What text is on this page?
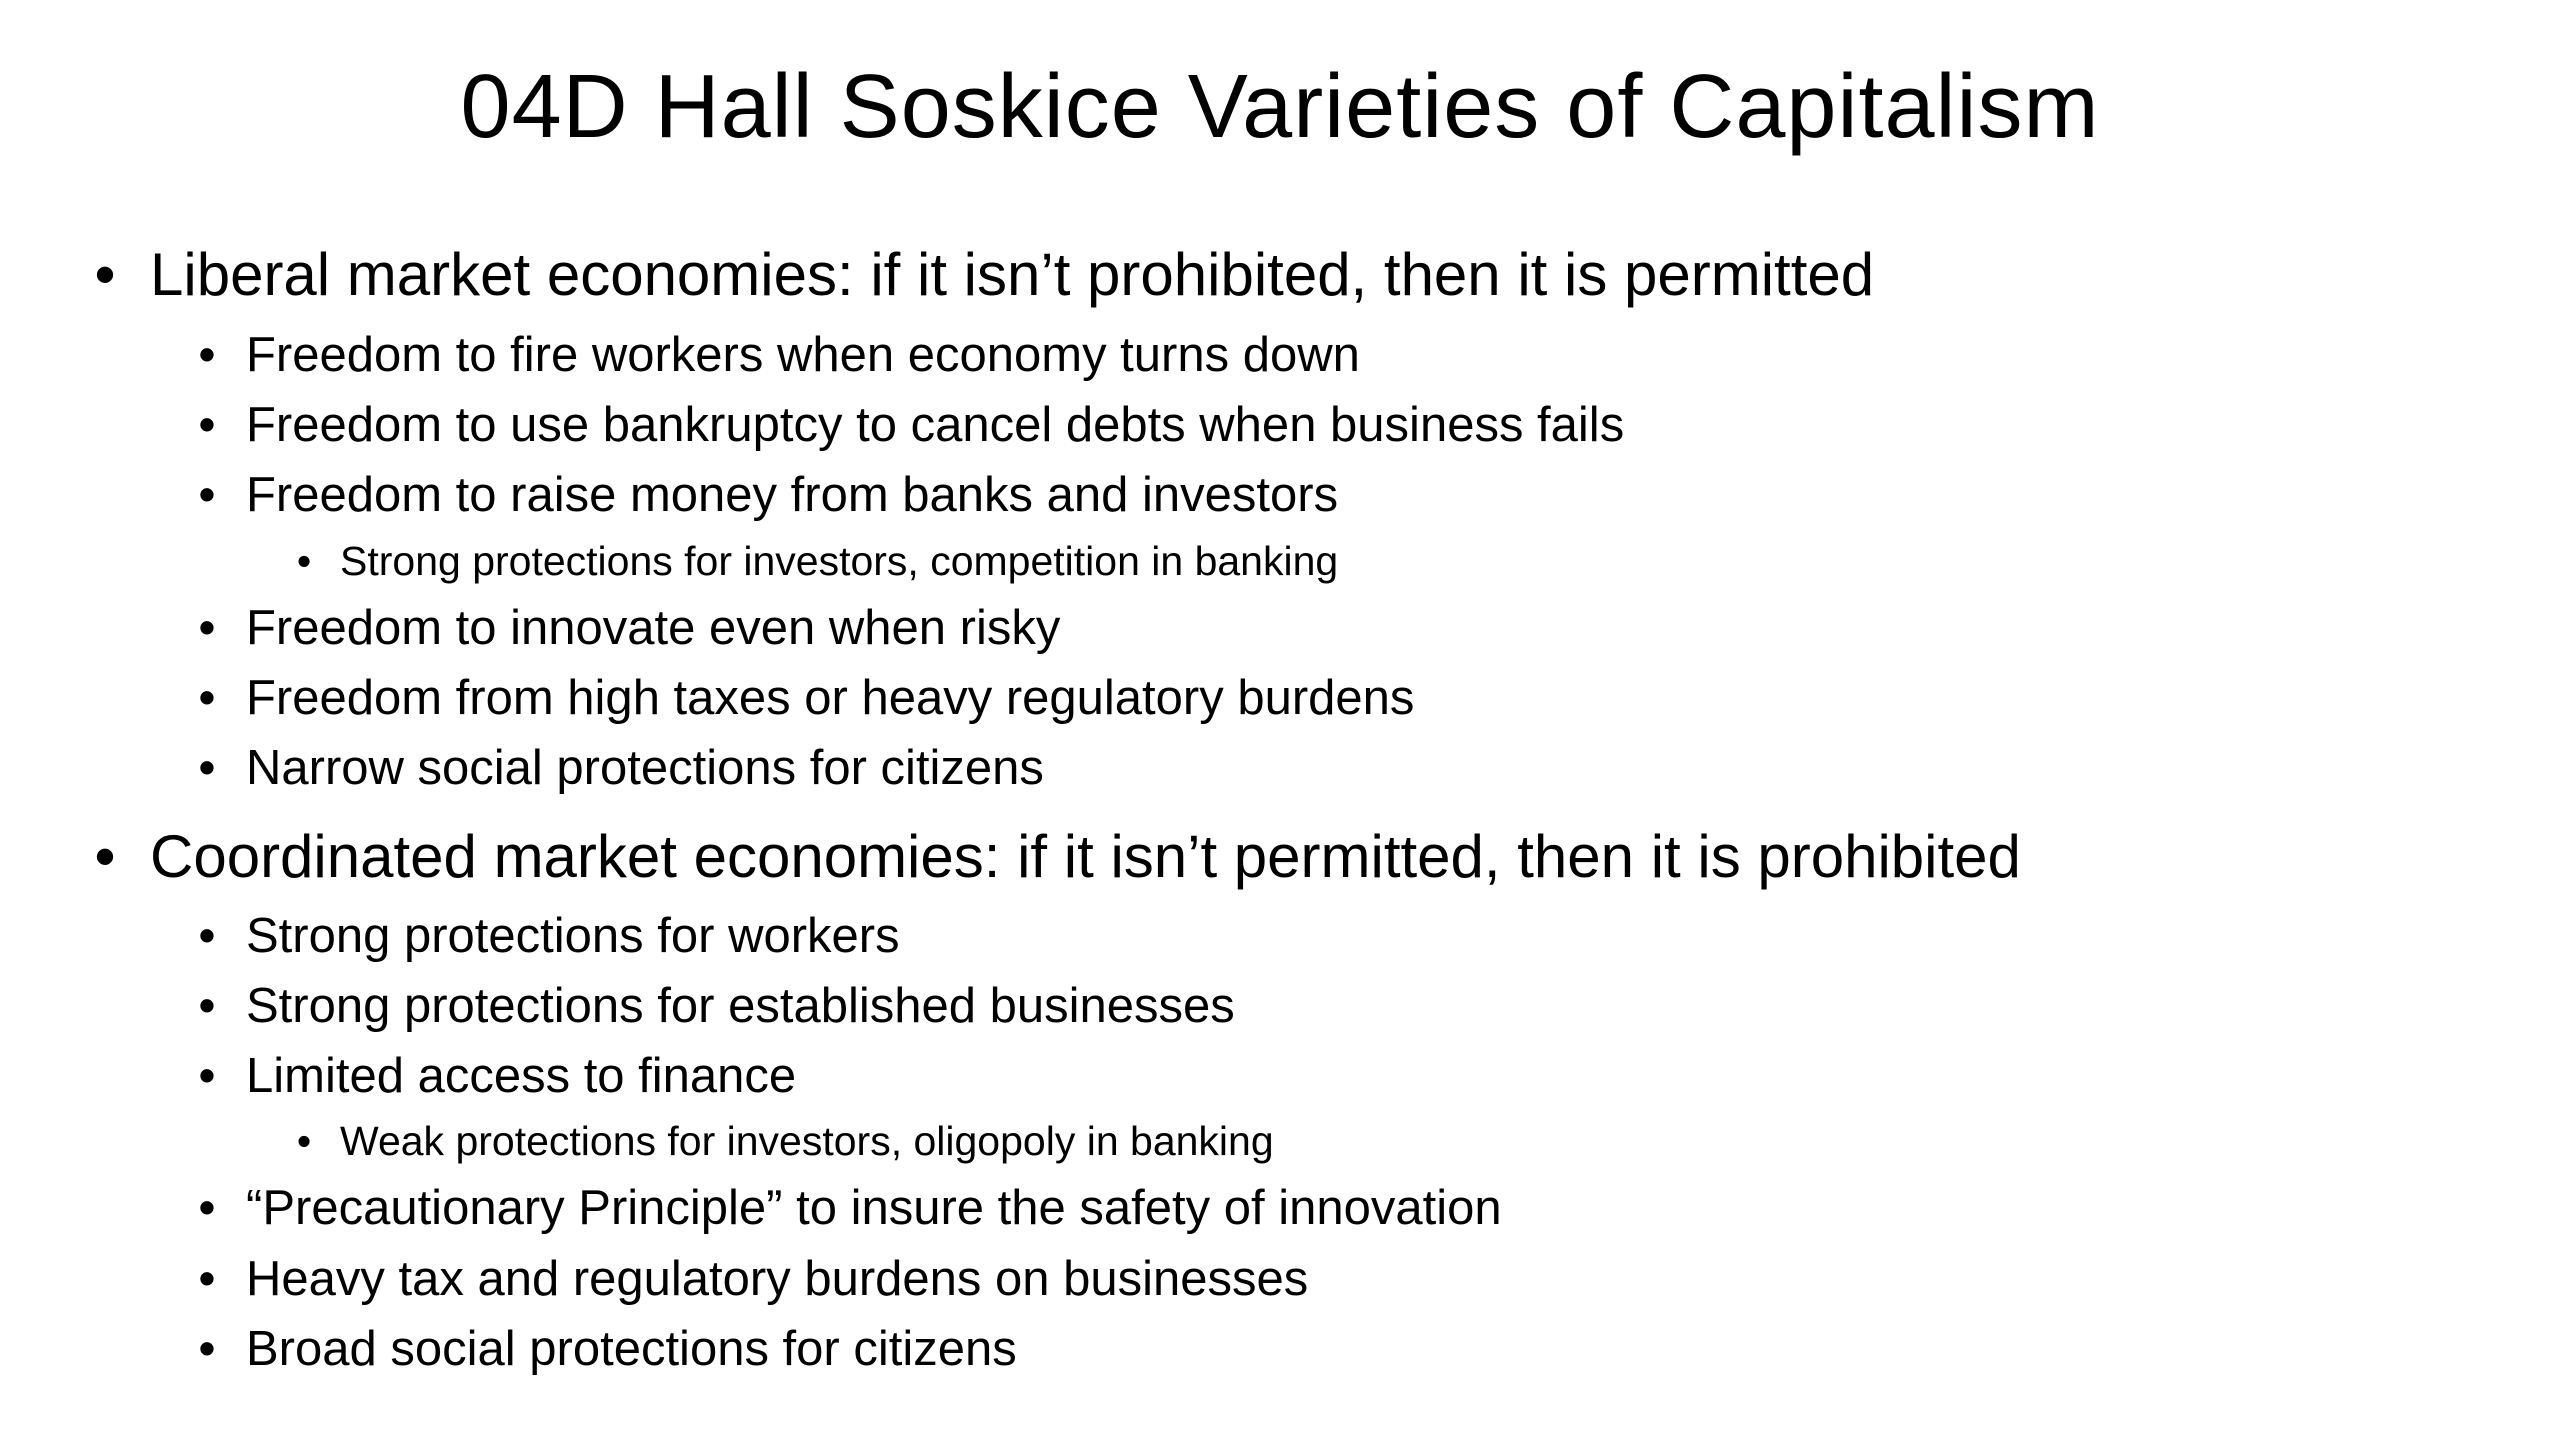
04D Hall Soskice Varieties of Capitalism
• Liberal market economies: if it isn’t prohibited, then it is permitted
• Freedom to fire workers when economy turns down
• Freedom to use bankruptcy to cancel debts when business fails
• Freedom to raise money from banks and investors
• Strong protections for investors, competition in banking
• Freedom to innovate even when risky
• Freedom from high taxes or heavy regulatory burdens
• Narrow social protections for citizens
• Coordinated market economies: if it isn’t permitted, then it is prohibited
• Strong protections for workers
• Strong protections for established businesses
• Limited access to finance
• Weak protections for investors, oligopoly in banking
• “Precautionary Principle” to insure the safety of innovation
• Heavy tax and regulatory burdens on businesses
• Broad social protections for citizens
